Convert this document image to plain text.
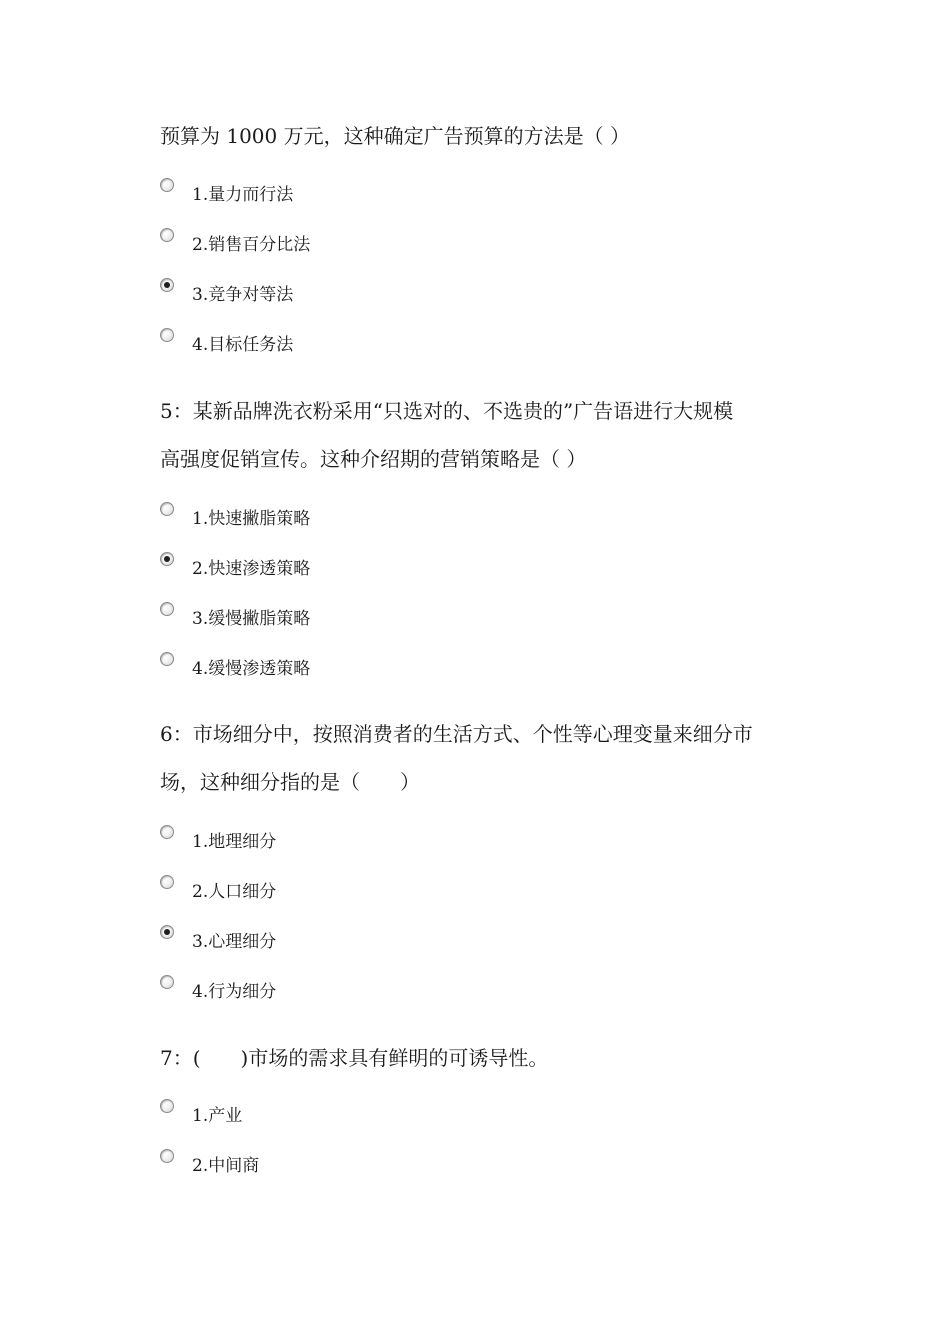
预算为 1000 万元，这种确定广告预算的方法是（ ）
1.量力而行法
2.销售百分比法
3.竞争对等法
4.目标任务法
5：某新品牌洗衣粉采用“只选对的、不选贵的”广告语进行大规模
高强度促销宣传。这种介绍期的营销策略是（ ）
1.快速撇脂策略
2.快速渗透策略
3.缓慢撇脂策略
4.缓慢渗透策略
6：市场细分中，按照消费者的生活方式、个性等心理变量来细分市
场，这种细分指的是（　　）
1.地理细分
2.人口细分
3.心理细分
4.行为细分
7：(　　)市场的需求具有鲜明的可诱导性。
1.产业
2.中间商
